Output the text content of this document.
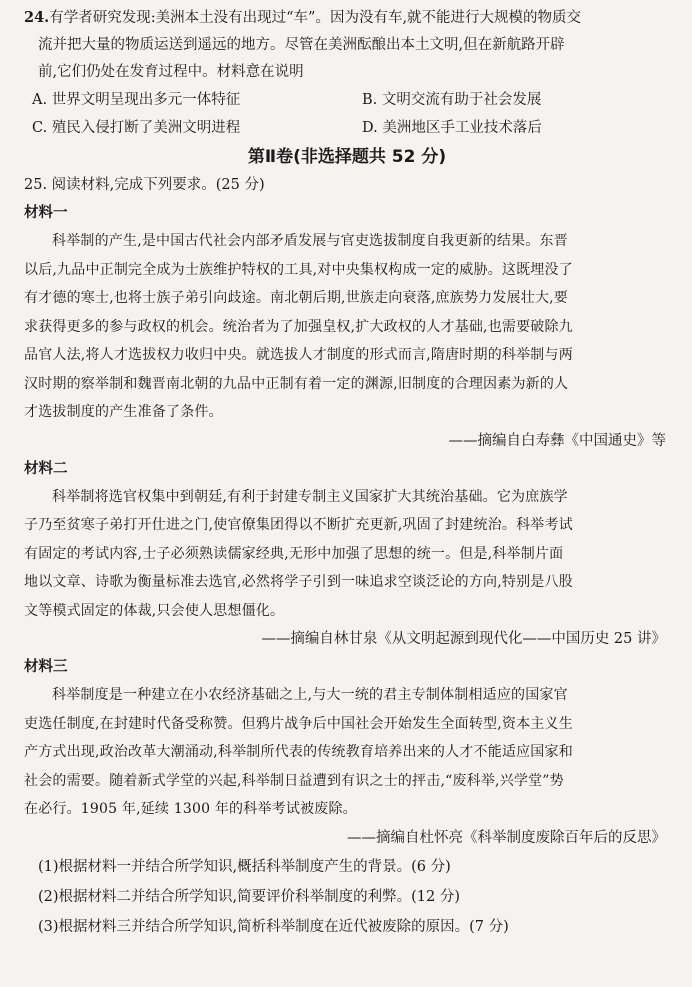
24.有学者研究发现:美洲本土没有出现过“车”。因为没有车,就不能进行大规模的物质交

流并把大量的物质运送到遥远的地方。尽管在美洲酝酿出本土文明,但在新航路开辟

前,它们仍处在发育过程中。材料意在说明

A. 世界文明呈现出多元一体特征	B. 文明交流有助于社会发展
C. 殖民入侵打断了美洲文明进程	D. 美洲地区手工业技术落后

第Ⅱ卷(非选择题共 52 分)

25. 阅读材料,完成下列要求。(25 分)

材料一

科举制的产生,是中国古代社会内部矛盾发展与官吏选拔制度自我更新的结果。东晋
以后,九品中正制完全成为士族维护特权的工具,对中央集权构成一定的威胁。这既埋没了
有才德的寒士,也将士族子弟引向歧途。南北朝后期,世族走向衰落,庶族势力发展壮大,要
求获得更多的参与政权的机会。统治者为了加强皇权,扩大政权的人才基础,也需要破除九
品官人法,将人才选拔权力收归中央。就选拔人才制度的形式而言,隋唐时期的科举制与两
汉时期的察举制和魏晋南北朝的九品中正制有着一定的渊源,旧制度的合理因素为新的人
才选拔制度的产生准备了条件。

——摘编自白寿彝《中国通史》等

材料二

科举制将选官权集中到朝廷,有利于封建专制主义国家扩大其统治基础。它为庶族学
子乃至贫寒子弟打开仕进之门,使官僚集团得以不断扩充更新,巩固了封建统治。科举考试
有固定的考试内容,士子必须熟读儒家经典,无形中加强了思想的统一。但是,科举制片面
地以文章、诗歌为衡量标准去选官,必然将学子引到一味追求空谈泛论的方向,特别是八股
文等模式固定的体裁,只会使人思想僵化。

——摘编自林甘泉《从文明起源到现代化——中国历史 25 讲》

材料三

科举制度是一种建立在小农经济基础之上,与大一统的君主专制体制相适应的国家官
吏选任制度,在封建时代备受称赞。但鸦片战争后中国社会开始发生全面转型,资本主义生
产方式出现,政治改革大潮涌动,科举制所代表的传统教育培养出来的人才不能适应国家和
社会的需要。随着新式学堂的兴起,科举制日益遭到有识之士的抨击,“废科举,兴学堂”势
在必行。1905 年,延续 1300 年的科举考试被废除。

——摘编自杜怀亮《科举制度废除百年后的反思》

(1)根据材料一并结合所学知识,概括科举制度产生的背景。(6 分)
(2)根据材料二并结合所学知识,简要评价科举制度的利弊。(12 分)
(3)根据材料三并结合所学知识,简析科举制度在近代被废除的原因。(7 分)
